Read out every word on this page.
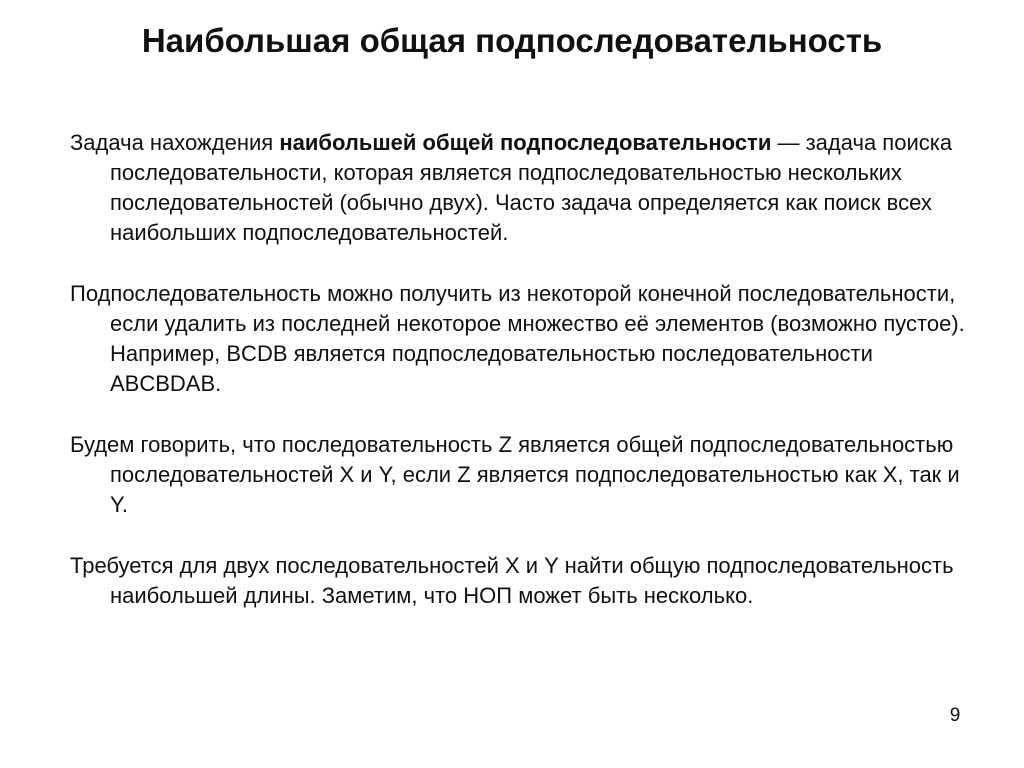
Наибольшая общая подпоследовательность

Задача нахождения наибольшей общей подпоследовательности — задача поиска последовательности, которая является подпоследовательностью нескольких последовательностей (обычно двух). Часто задача определяется как поиск всех наибольших подпоследовательностей.

Подпоследовательность можно получить из некоторой конечной последовательности, если удалить из последней некоторое множество её элементов (возможно пустое). Например, BCDB является подпоследовательностью последовательности ABCBDAB.

Будем говорить, что последовательность Z является общей подпоследовательностью последовательностей X и Y, если Z является подпоследовательностью как X, так и Y.

Требуется для двух последовательностей X и Y найти общую подпоследовательность наибольшей длины. Заметим, что НОП может быть несколько.

9
